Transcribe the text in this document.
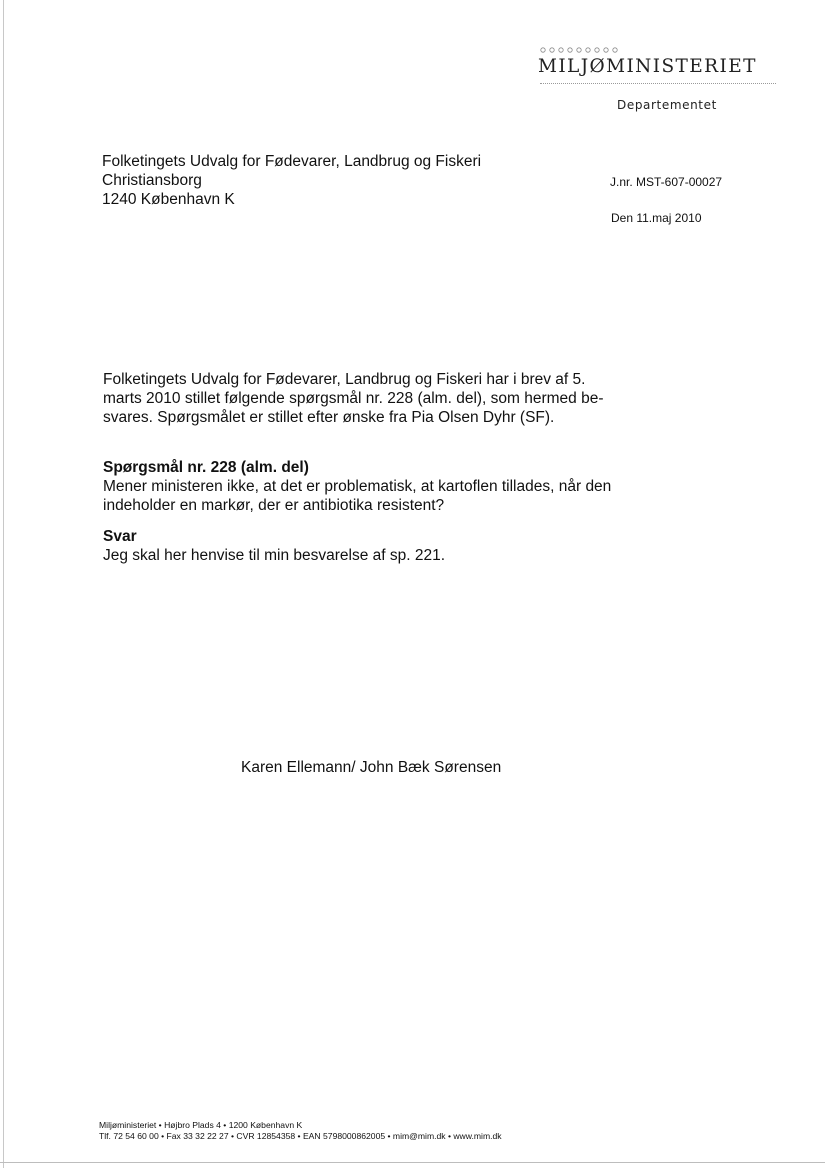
MILJØMINISTERIET
Departementet
Folketingets Udvalg for Fødevarer, Landbrug og Fiskeri
Christiansborg
1240 København K
J.nr. MST-607-00027
Den 11.maj 2010
Folketingets Udvalg for Fødevarer, Landbrug og Fiskeri har i brev af 5.
marts 2010 stillet følgende spørgsmål nr. 228 (alm. del), som hermed be-
svares. Spørgsmålet er stillet efter ønske fra Pia Olsen Dyhr (SF).
Spørgsmål nr. 228 (alm. del)
Mener ministeren ikke, at det er problematisk, at kartoflen tillades, når den
indeholder en markør, der er antibiotika resistent?
Svar
Jeg skal her henvise til min besvarelse af sp. 221.
Karen Ellemann/ John Bæk Sørensen
Miljøministeriet • Højbro Plads 4 • 1200 København K
Tlf. 72 54 60 00 • Fax 33 32 22 27 • CVR 12854358 • EAN 5798000862005 • mim@mim.dk • www.mim.dk
